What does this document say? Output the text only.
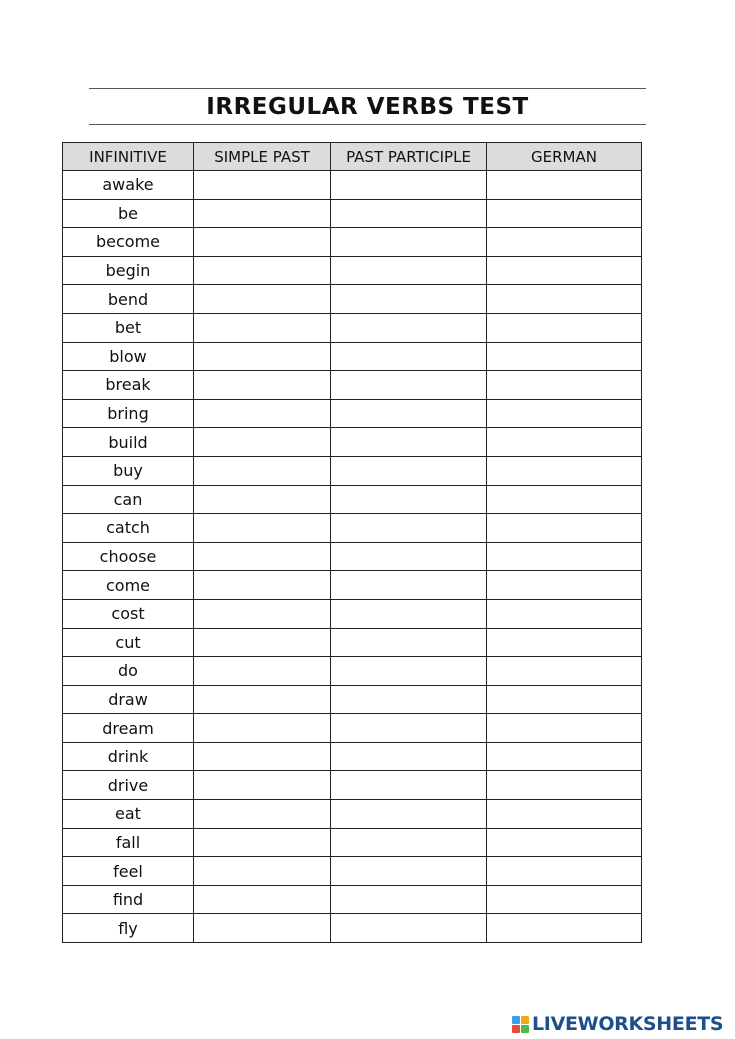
IRREGULAR VERBS TEST
INFINITIVE	SIMPLE PAST	PAST PARTICIPLE	GERMAN
awake			
be			
become			
begin			
bend			
bet			
blow			
break			
bring			
build			
buy			
can			
catch			
choose			
come			
cost			
cut			
do			
draw			
dream			
drink			
drive			
eat			
fall			
feel			
find			
fly			
LIVEWORKSHEETS
